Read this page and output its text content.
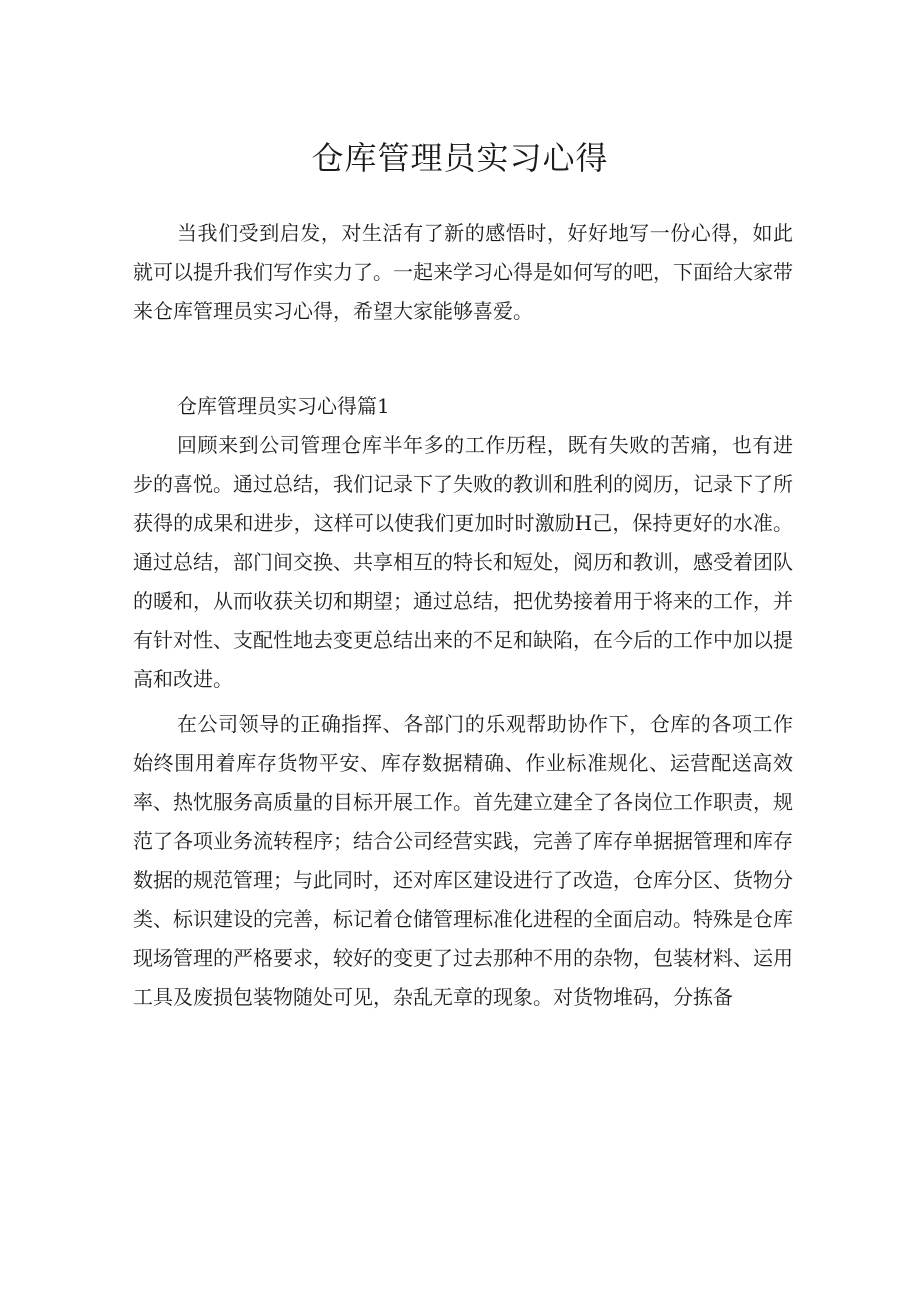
仓库管理员实习心得

当我们受到启发，对生活有了新的感悟时，好好地写一份心得，如此就可以提升我们写作实力了。一起来学习心得是如何写的吧，下面给大家带来仓库管理员实习心得，希望大家能够喜爱。

仓库管理员实习心得篇1

回顾来到公司管理仓库半年多的工作历程，既有失败的苦痛，也有进步的喜悦。通过总结，我们记录下了失败的教训和胜利的阅历，记录下了所获得的成果和进步，这样可以使我们更加时时激励H己，保持更好的水准。通过总结，部门间交换、共享相互的特长和短处，阅历和教训，感受着团队的暖和，从而收获关切和期望；通过总结，把优势接着用于将来的工作，并有针对性、支配性地去变更总结出来的不足和缺陷，在今后的工作中加以提高和改进。

在公司领导的正确指挥、各部门的乐观帮助协作下，仓库的各项工作始终围用着库存货物平安、库存数据精确、作业标准规化、运营配送高效率、热忱服务高质量的目标开展工作。首先建立建全了各岗位工作职责，规范了各项业务流转程序；结合公司经营实践，完善了库存单据据管理和库存数据的规范管理；与此同时，还对库区建设进行了改造，仓库分区、货物分类、标识建设的完善，标记着仓储管理标准化进程的全面启动。特殊是仓库现场管理的严格要求，较好的变更了过去那种不用的杂物，包装材料、运用工具及废损包装物随处可见，杂乱无章的现象。对货物堆码，分拣备
